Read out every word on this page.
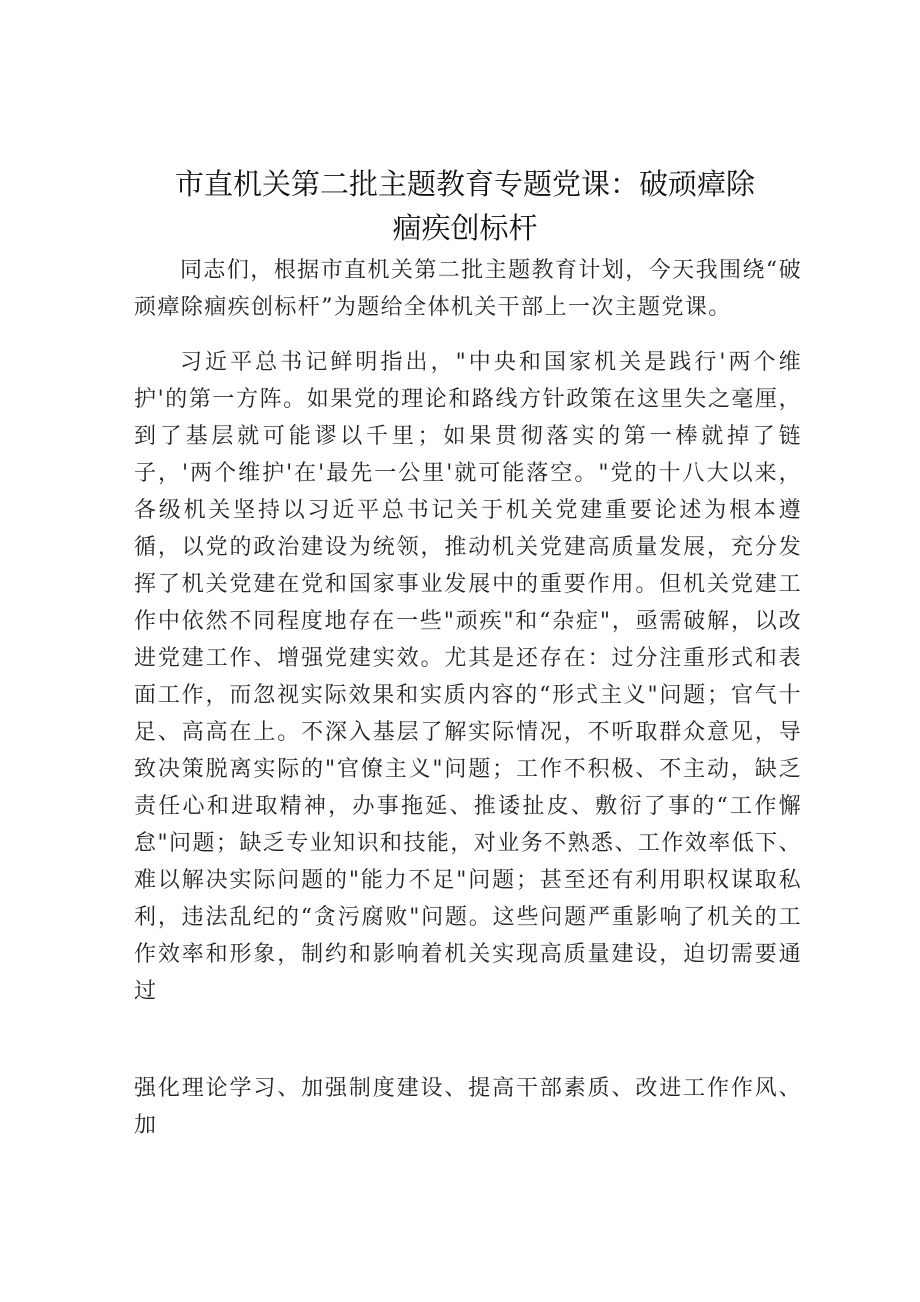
市直机关第二批主题教育专题党课：破顽瘴除
痼疾创标杆

同志们，根据市直机关第二批主题教育计划，今天我围绕“破顽瘴除痼疾创标杆”为题给全体机关干部上一次主题党课。

习近平总书记鲜明指出，"中央和国家机关是践行'两个维护'的第一方阵。如果党的理论和路线方针政策在这里失之毫厘，到了基层就可能谬以千里；如果贯彻落实的第一棒就掉了链子，'两个维护'在'最先一公里'就可能落空。"党的十八大以来，各级机关坚持以习近平总书记关于机关党建重要论述为根本遵循，以党的政治建设为统领，推动机关党建高质量发展，充分发挥了机关党建在党和国家事业发展中的重要作用。但机关党建工作中依然不同程度地存在一些"顽疾"和“杂症"，亟需破解，以改进党建工作、增强党建实效。尤其是还存在：过分注重形式和表面工作，而忽视实际效果和实质内容的“形式主义"问题；官气十足、高高在上。不深入基层了解实际情况，不听取群众意见，导致决策脱离实际的"官僚主义"问题；工作不积极、不主动，缺乏责任心和进取精神，办事拖延、推诿扯皮、敷衍了事的“工作懈怠"问题；缺乏专业知识和技能，对业务不熟悉、工作效率低下、难以解决实际问题的"能力不足"问题；甚至还有利用职权谋取私利，违法乱纪的“贪污腐败"问题。这些问题严重影响了机关的工作效率和形象，制约和影响着机关实现高质量建设，迫切需要通过

强化理论学习、加强制度建设、提高干部素质、改进工作作风、加
